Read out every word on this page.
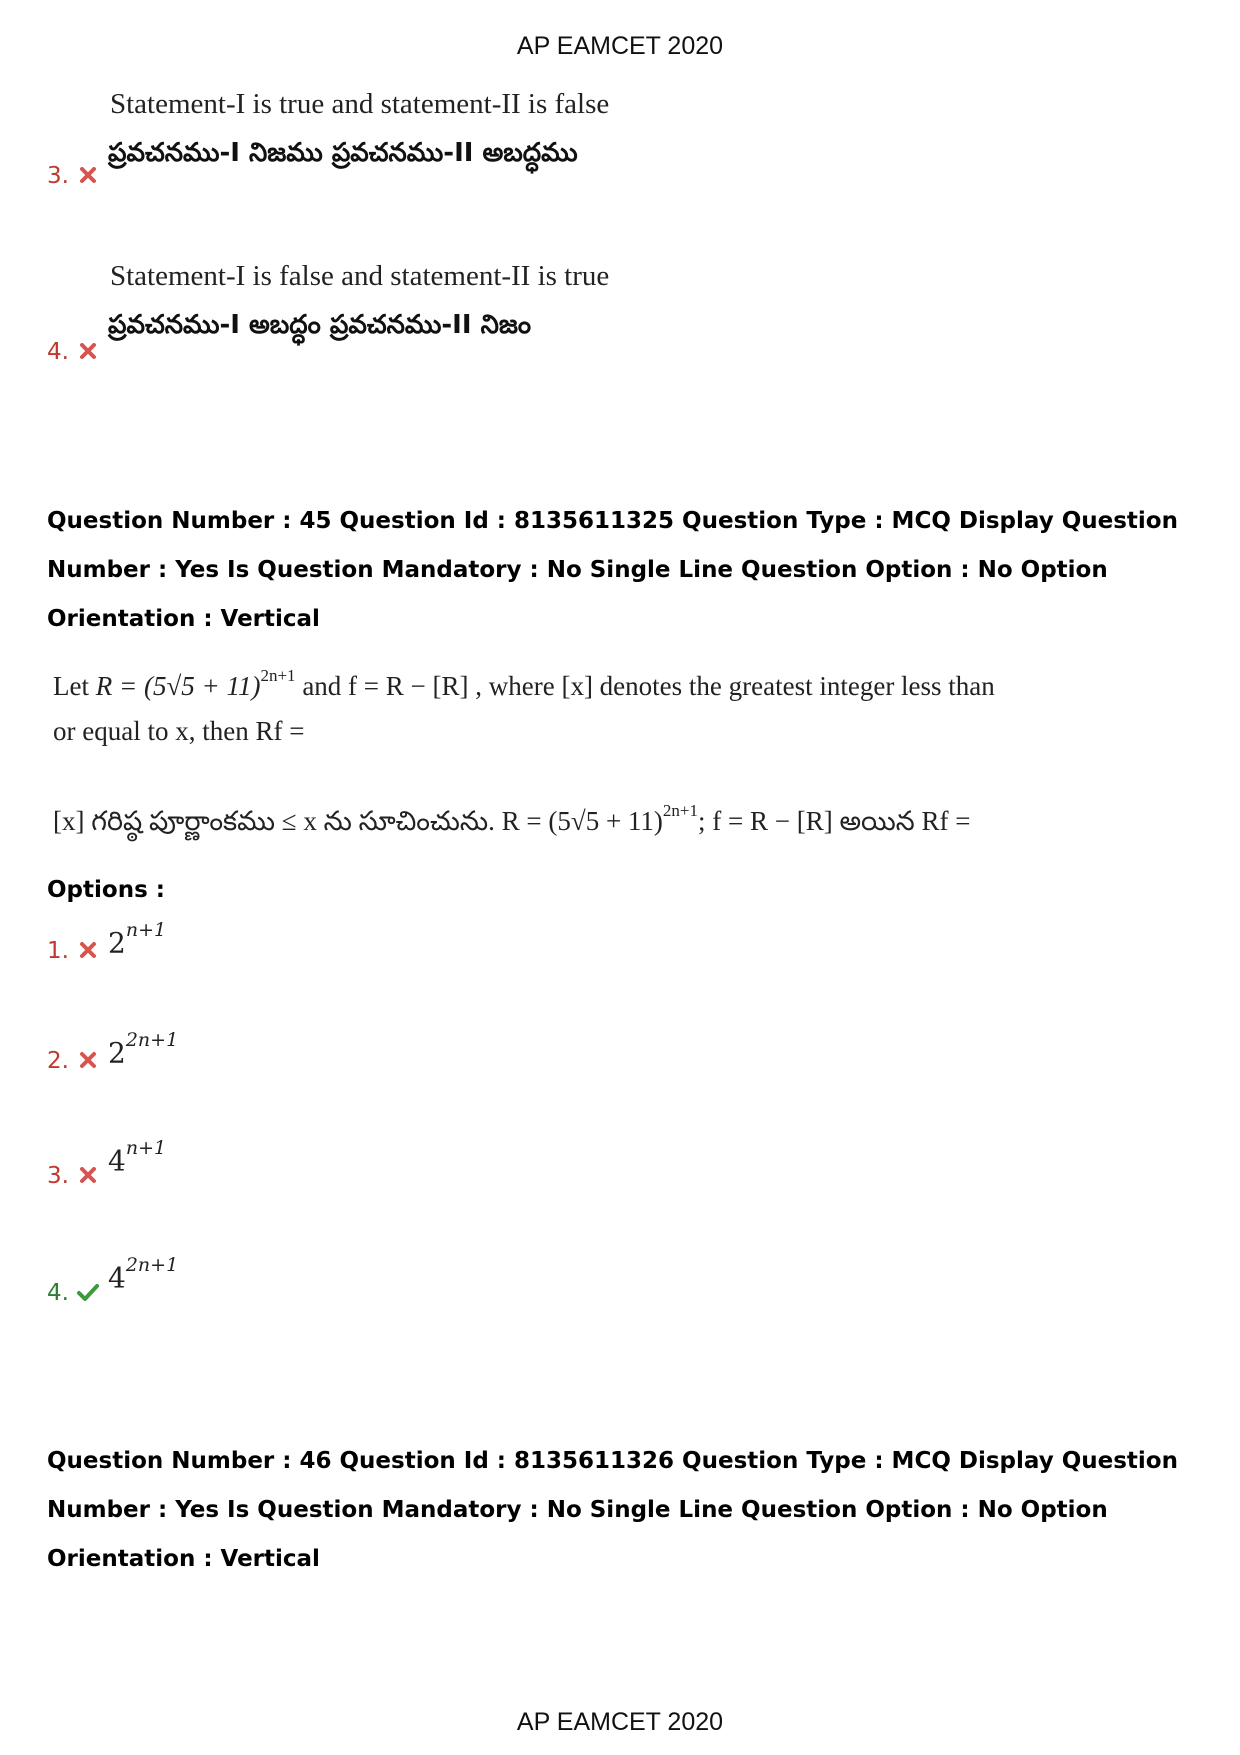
AP EAMCET 2020
Statement-I is true and statement-II is false
ప్రవచనము-I నిజము ప్రవచనము-II అబద్ధము
3.
Statement-I is false and statement-II is true
ప్రవచనము-I అబద్ధం ప్రవచనము-II నిజం
4.
Question Number : 45 Question Id : 8135611325 Question Type : MCQ Display Question Number : Yes Is Question Mandatory : No Single Line Question Option : No Option Orientation : Vertical
Let $R = (5√5 + 11)^{2n+1}$ and f = R − [R] , where [x] denotes the greatest integer less than
or equal to x, then Rf =
[x] గరిష్ఠ పూర్ణాంకము ≤ x ను సూచించును. $R = (5√5 + 11)^{2n+1}$; f = R − [R] అయిన Rf =
Options :
1. $2^{n+1}$
2. $2^{2n+1}$
3. $4^{n+1}$
4. $4^{2n+1}$
Question Number : 46 Question Id : 8135611326 Question Type : MCQ Display Question Number : Yes Is Question Mandatory : No Single Line Question Option : No Option Orientation : Vertical
AP EAMCET 2020
